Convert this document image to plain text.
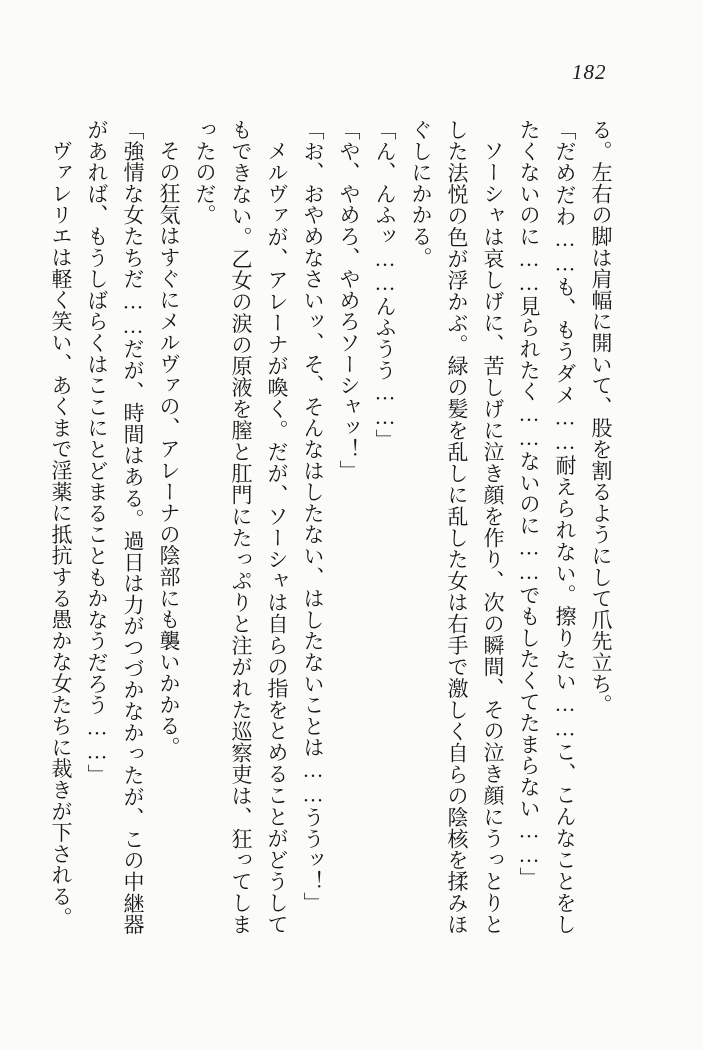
182

る。左右の脚は肩幅に開いて、股を割るようにして爪先立ち。

「だめだわ……も、もうダメ……耐えられない。擦りたい……こ、こんなことをしたくないのに……見られたく……ないのに……でもしたくてたまらない……」

ソーシャは哀しげに、苦しげに泣き顔を作り、次の瞬間、その泣き顔にうっとりとした法悦の色が浮かぶ。緑の髪を乱しに乱した女は右手で激しく自らの陰核を揉みほぐしにかかる。

「ん、んふッ……んふうう……」

「や、やめろ、やめろソーシャッ！」

「お、おやめなさいッ、そ、そんなはしたない、はしたないことは……ううッ！」

メルヴァが、アレーナが喚く。だが、ソーシャは自らの指をとめることがどうしてもできない。乙女の涙の原液を膣と肛門にたっぷりと注がれた巡察吏は、狂ってしまったのだ。

その狂気はすぐにメルヴァの、アレーナの陰部にも襲いかかる。

「強情な女たちだ……だが、時間はある。過日は力がつづかなかったが、この中継器があれば、もうしばらくはここにとどまることもかなうだろう……」

ヴァレリエは軽く笑い、あくまで淫薬に抵抗する愚かな女たちに裁きが下される。
